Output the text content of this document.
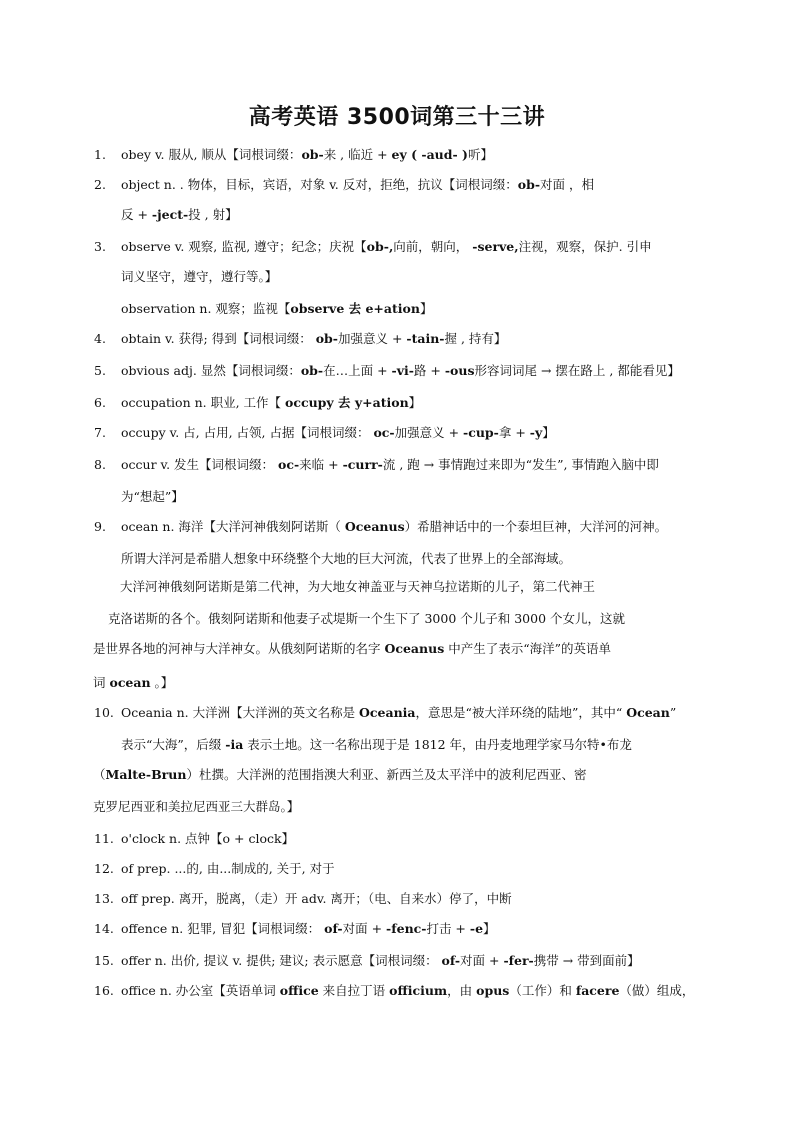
高考英语 3500词第三十三讲
1. obey v. 服从, 顺从【词根词缀：ob-来 , 临近 + ey ( -aud- )听】
2. object n. . 物体，目标，宾语，对象 v. 反对，拒绝，抗议【词根词缀：ob-对面 ，相
反 + -ject-投 , 射】
3. observe v. 观察, 监视, 遵守；纪念；庆祝【ob-,向前，朝向， -serve,注视，观察，保护. 引申
词义坚守，遵守，遵行等。】
observation n. 观察；监视【observe 去 e+ation】
4. obtain v. 获得; 得到【词根词缀： ob-加强意义 + -tain-握 , 持有】
5. obvious adj. 显然【词根词缀：ob-在…上面 + -vi-路 + -ous形容词词尾 → 摆在路上 , 都能看见】
6. occupation n. 职业, 工作【 occupy 去 y+ation】
7. occupy v. 占, 占用, 占领, 占据【词根词缀： oc-加强意义 + -cup-拿 + -y】
8. occur v. 发生【词根词缀： oc-来临 + -curr-流 , 跑 → 事情跑过来即为“发生”, 事情跑入脑中即
为“想起”】
9. ocean n. 海洋【大洋河神俄刻阿诺斯（ Oceanus）希腊神话中的一个泰坦巨神，大洋河的河神。
所谓大洋河是希腊人想象中环绕整个大地的巨大河流，代表了世界上的全部海域。
大洋河神俄刻阿诺斯是第二代神，为大地女神盖亚与天神乌拉诺斯的儿子，第二代神王
克洛诺斯的各个。俄刻阿诺斯和他妻子忒堤斯一个生下了 3000 个儿子和 3000 个女儿，这就
是世界各地的河神与大洋神女。从俄刻阿诺斯的名字 Oceanus 中产生了表示“海洋”的英语单
词 ocean 。】
10. Oceania n. 大洋洲【大洋洲的英文名称是 Oceania，意思是“被大洋环绕的陆地”，其中“ Ocean”
表示“大海”，后缀 -ia 表示土地。这一名称出现于是 1812 年，由丹麦地理学家马尔特•布龙
（Malte-Brun）杜撰。大洋洲的范围指澳大利亚、新西兰及太平洋中的波利尼西亚、密
克罗尼西亚和美拉尼西亚三大群岛。】
11. o'clock n. 点钟【o + clock】
12. of prep. ...的, 由...制成的, 关于, 对于
13. off prep. 离开，脱离，（走）开 adv. 离开；（电、自来水）停了，中断
14. offence n. 犯罪, 冒犯【词根词缀： of-对面 + -fenc-打击 + -e】
15. offer n. 出价, 提议 v. 提供; 建议; 表示愿意【词根词缀： of-对面 + -fer-携带 → 带到面前】
16. office n. 办公室【英语单词 office 来自拉丁语 officium，由 opus（工作）和 facere（做）组成，
